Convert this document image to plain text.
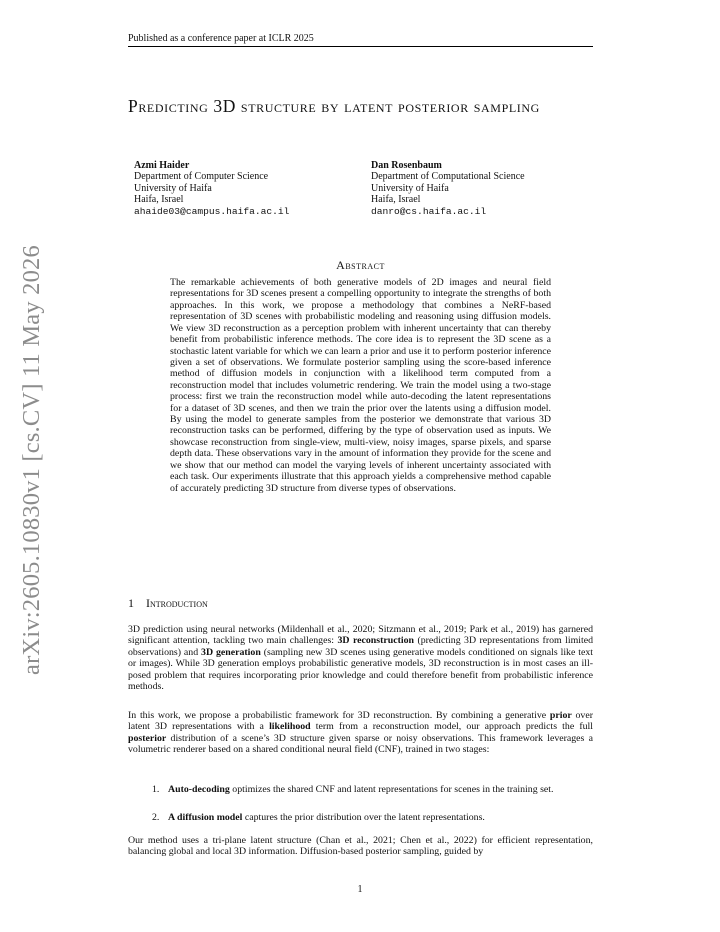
Published as a conference paper at ICLR 2025
Predicting 3D structure by latent posterior sampling
Azmi Haider
Department of Computer Science
University of Haifa
Haifa, Israel
ahaide03@campus.haifa.ac.il
Dan Rosenbaum
Department of Computational Science
University of Haifa
Haifa, Israel
danro@cs.haifa.ac.il
arXiv:2605.10830v1 [cs.CV] 11 May 2026	Abstract
The remarkable achievements of both generative models of 2D images and neural field representations for 3D scenes present a compelling opportunity to integrate the strengths of both approaches. In this work, we propose a methodology that combines a NeRF-based representation of 3D scenes with probabilistic modeling and reasoning using diffusion models. We view 3D reconstruction as a perception problem with inherent uncertainty that can thereby benefit from probabilistic inference methods. The core idea is to represent the 3D scene as a stochastic latent variable for which we can learn a prior and use it to perform posterior inference given a set of observations. We formulate posterior sampling using the score-based inference method of diffusion models in conjunction with a likelihood term computed from a reconstruction model that includes volumetric rendering. We train the model using a two-stage process: first we train the reconstruction model while auto-decoding the latent representations for a dataset of 3D scenes, and then we train the prior over the latents using a diffusion model. By using the model to generate samples from the posterior we demonstrate that various 3D reconstruction tasks can be performed, differing by the type of observation used as inputs. We showcase reconstruction from single-view, multi-view, noisy images, sparse pixels, and sparse depth data. These observations vary in the amount of information they provide for the scene and we show that our method can model the varying levels of inherent uncertainty associated with each task. Our experiments illustrate that this approach yields a comprehensive method capable of accurately predicting 3D structure from diverse types of observations.
1 Introduction
3D prediction using neural networks (Mildenhall et al., 2020; Sitzmann et al., 2019; Park et al., 2019) has garnered significant attention, tackling two main challenges: 3D reconstruction (predicting 3D representations from limited observations) and 3D generation (sampling new 3D scenes using generative models conditioned on signals like text or images). While 3D generation employs probabilistic generative models, 3D reconstruction is in most cases an ill-posed problem that requires incorporating prior knowledge and could therefore benefit from probabilistic inference methods.
In this work, we propose a probabilistic framework for 3D reconstruction. By combining a generative prior over latent 3D representations with a likelihood term from a reconstruction model, our approach predicts the full posterior distribution of a scene’s 3D structure given sparse or noisy observations. This framework leverages a volumetric renderer based on a shared conditional neural field (CNF), trained in two stages:
1. Auto-decoding optimizes the shared CNF and latent representations for scenes in the training set.
2. A diffusion model captures the prior distribution over the latent representations.
Our method uses a tri-plane latent structure (Chan et al., 2021; Chen et al., 2022) for efficient representation, balancing global and local 3D information. Diffusion-based posterior sampling, guided by
1
